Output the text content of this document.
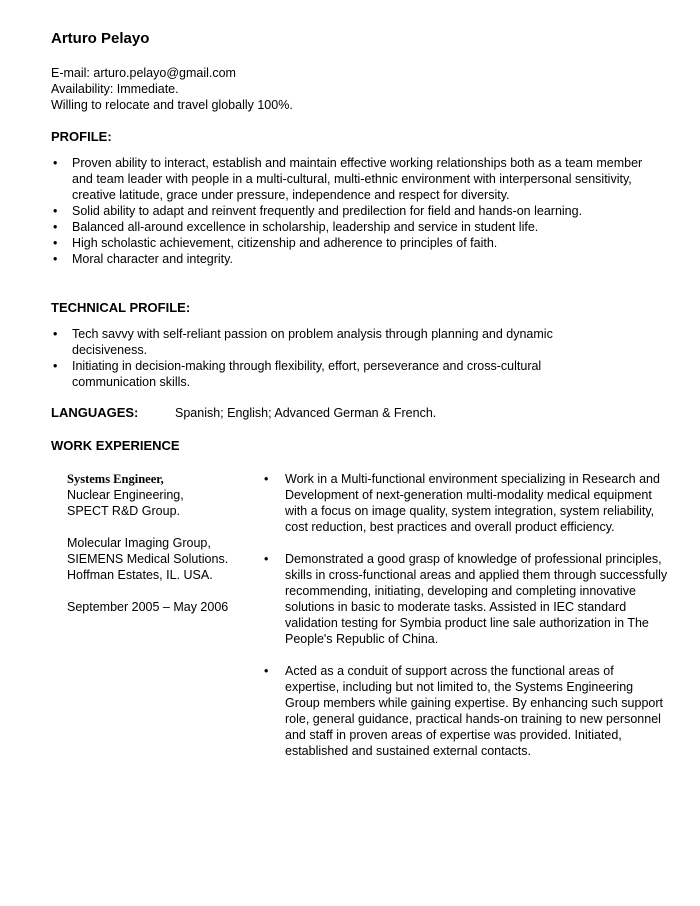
Arturo Pelayo
E-mail: arturo.pelayo@gmail.com
Availability: Immediate.
Willing to relocate and travel globally 100%.
PROFILE:
• Proven ability to interact, establish and maintain effective working relationships both as a team member and team leader with people in a multi-cultural, multi-ethnic environment with interpersonal sensitivity, creative latitude, grace under pressure, independence and respect for diversity.
• Solid ability to adapt and reinvent frequently and predilection for field and hands-on learning.
• Balanced all-around excellence in scholarship, leadership and service in student life.
• High scholastic achievement, citizenship and adherence to principles of faith.
• Moral character and integrity.
TECHNICAL PROFILE:
• Tech savvy with self-reliant passion on problem analysis through planning and dynamic decisiveness.
• Initiating in decision-making through flexibility, effort, perseverance and cross-cultural communication skills.
LANGUAGES:	Spanish; English; Advanced German & French.
WORK EXPERIENCE
Systems Engineer,
Nuclear Engineering,
SPECT R&D Group.
Molecular Imaging Group,
SIEMENS Medical Solutions.
Hoffman Estates, IL. USA.
September 2005 – May 2006
• Work in a Multi-functional environment specializing in Research and Development of next-generation multi-modality medical equipment with a focus on image quality, system integration, system reliability, cost reduction, best practices and overall product efficiency.
• Demonstrated a good grasp of knowledge of professional principles, skills in cross-functional areas and applied them through successfully recommending, initiating, developing and completing innovative solutions in basic to moderate tasks. Assisted in IEC standard validation testing for Symbia product line sale authorization in The People's Republic of China.
• Acted as a conduit of support across the functional areas of expertise, including but not limited to, the Systems Engineering Group members while gaining expertise. By enhancing such support role, general guidance, practical hands-on training to new personnel and staff in proven areas of expertise was provided. Initiated, established and sustained external contacts.
